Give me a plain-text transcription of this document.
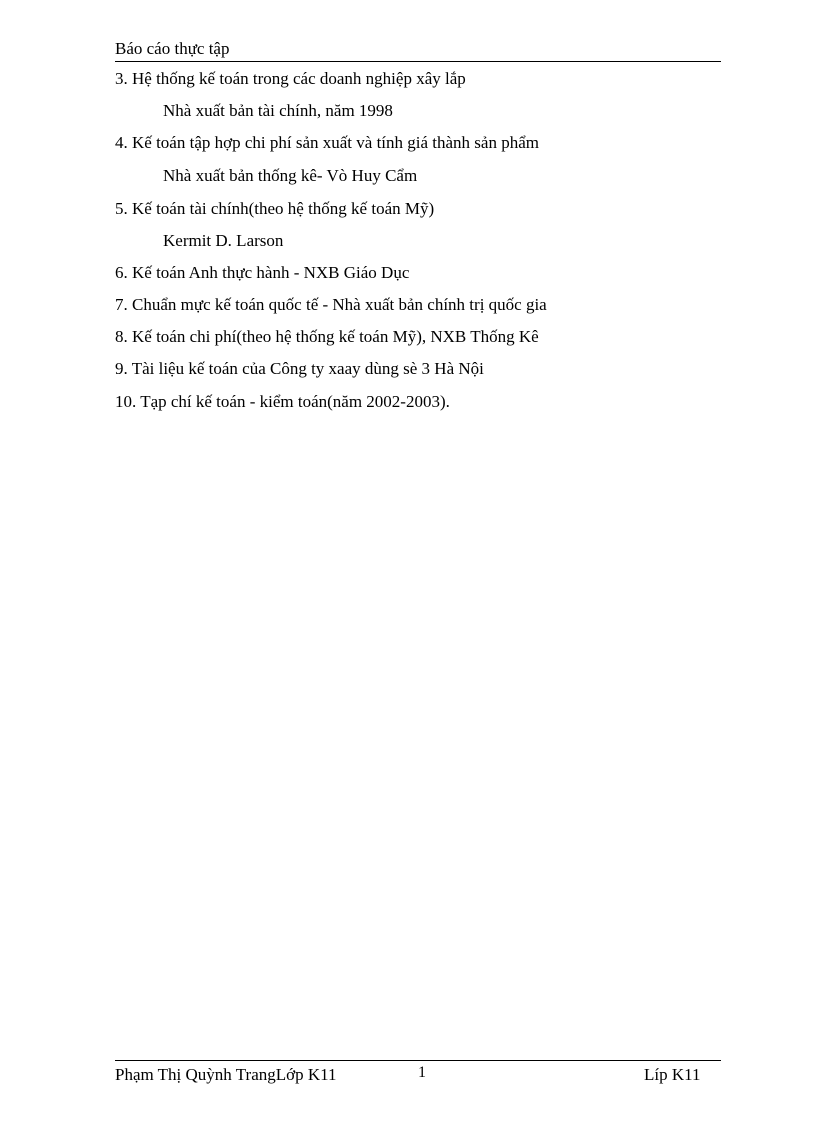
Báo cáo thực tập
3. Hệ thống kế toán trong các doanh nghiệp xây lắp
Nhà xuất bản tài chính, năm 1998
4. Kế toán tập hợp chi phí sản xuất và tính giá thành sản phẩm
Nhà xuất bản thống kê- Vò Huy Cẩm
5. Kế toán tài chính(theo hệ thống kế toán Mỹ)
Kermit D. Larson
6. Kế toán Anh thực hành - NXB Giáo Dục
7. Chuẩn mực kế toán quốc tế - Nhà xuất bản chính trị quốc gia
8. Kế toán chi phí(theo hệ thống kế toán Mỹ), NXB Thống Kê
9. Tài liệu kế toán của Công ty xaay dùng sè 3 Hà Nội
10. Tạp chí kế toán - kiểm toán(năm 2002-2003).
Phạm Thị Quỳnh TrangLớp K11	1	Líp K11
